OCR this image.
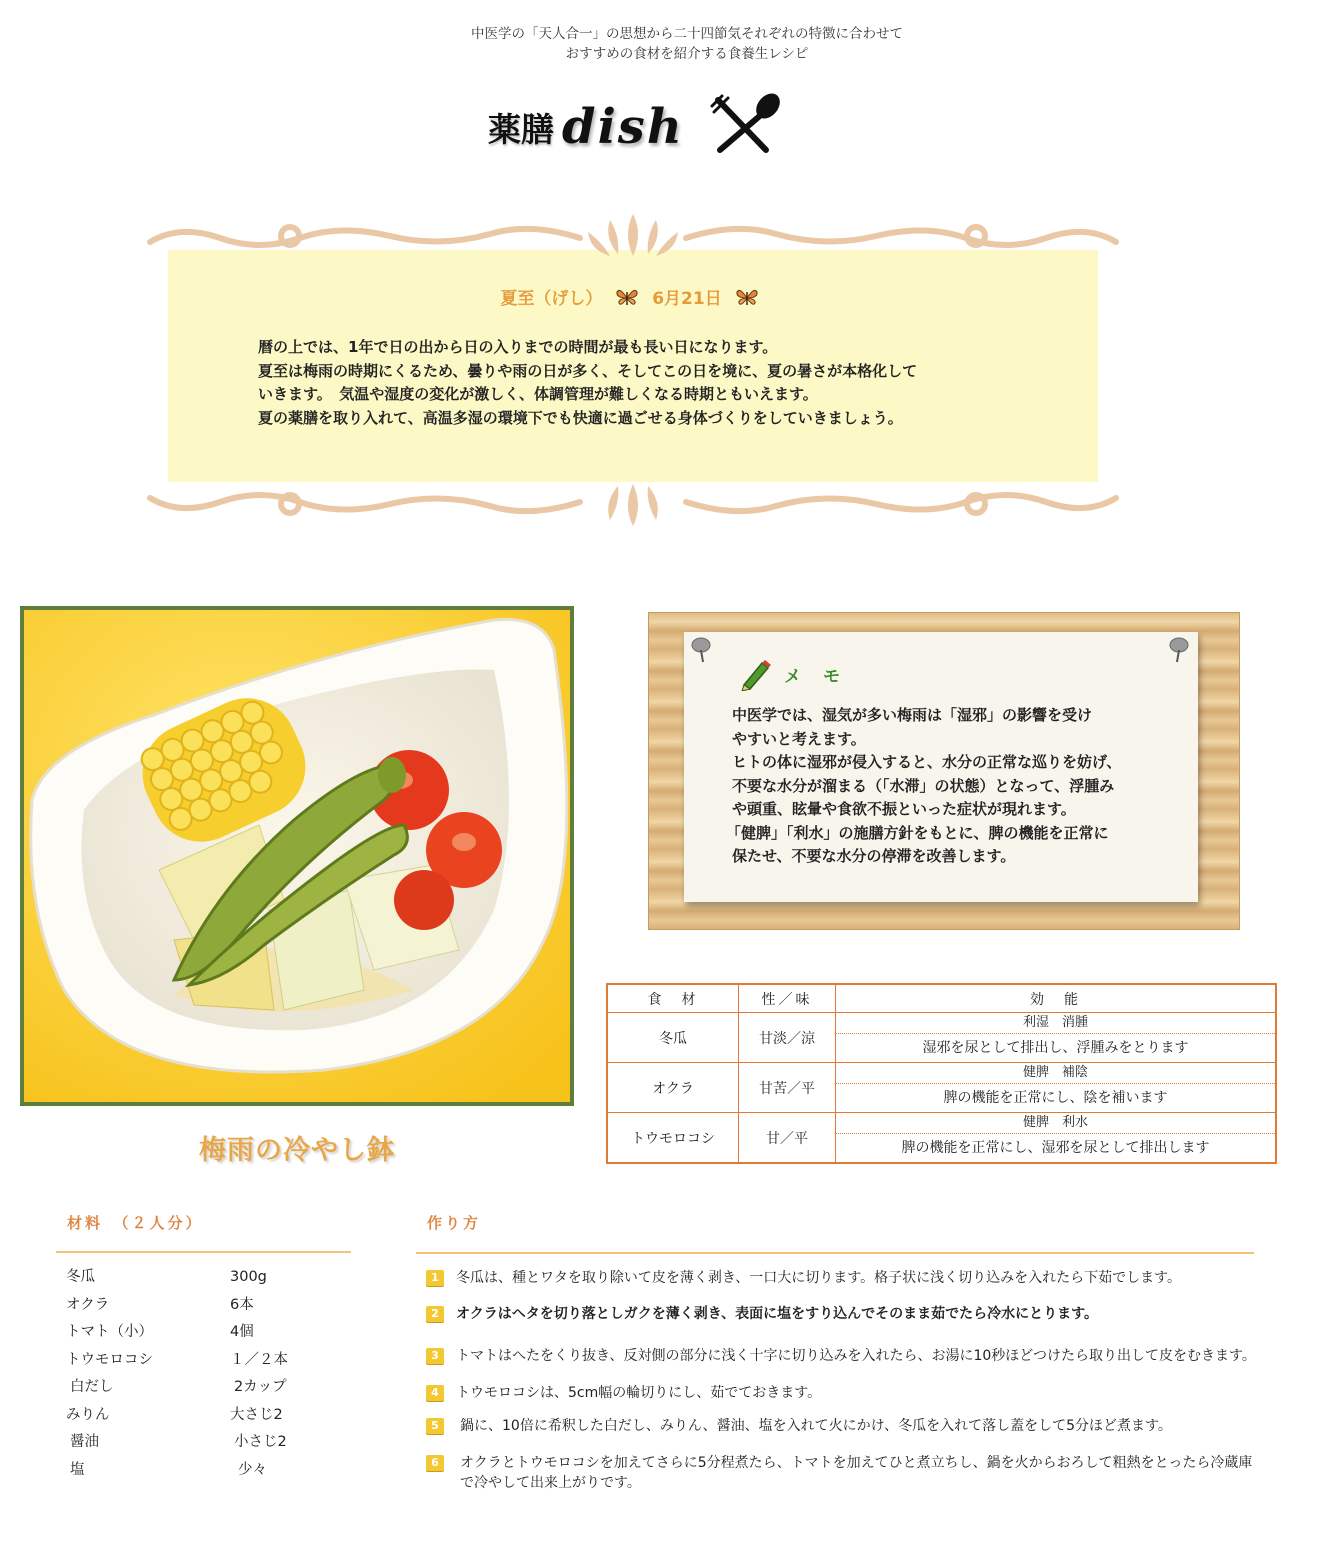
中医学の「天人合一」の思想から二十四節気それぞれの特徴に合わせて
おすすめの食材を紹介する食養生レシピ
薬膳 dish
夏至（げし）	6月21日
暦の上では、1年で日の出から日の入りまでの時間が最も長い日になります。
夏至は梅雨の時期にくるため、曇りや雨の日が多く、そしてこの日を境に、夏の暑さが本格化して
いきます。　気温や湿度の変化が激しく、体調管理が難しくなる時期ともいえます。
夏の薬膳を取り入れて、高温多湿の環境下でも快適に過ごせる身体づくりをしていきましょう。
梅雨の冷やし鉢
メモ
中医学では、湿気が多い梅雨は「湿邪」の影響を受け
やすいと考えます。
ヒトの体に湿邪が侵入すると、水分の正常な巡りを妨げ、
不要な水分が溜まる（「水滞」の状態）となって、浮腫み
や頭重、眩暈や食欲不振といった症状が現れます。
「健脾」「利水」の施膳方針をもとに、脾の機能を正常に
保たせ、不要な水分の停滞を改善します。
食　材	性／味	効　能
冬瓜	甘淡／涼	利湿　消腫
湿邪を尿として排出し、浮腫みをとります

オクラ	甘苦／平	健脾　補陰
脾の機能を正常にし、陰を補います

トウモロコシ	甘／平	健脾　利水
脾の機能を正常にし、湿邪を尿として排出します
材料　（２人分）
冬瓜	300g
オクラ	6本
トマト（小）	4個
トウモロコシ	１／２本
白だし	2カップ
みりん	大さじ2
醤油	小さじ2
塩	少々
作り方
1	冬瓜は、種とワタを取り除いて皮を薄く剥き、一口大に切ります。格子状に浅く切り込みを入れたら下茹でします。
2	オクラはヘタを切り落としガクを薄く剥き、表面に塩をすり込んでそのまま茹でたら冷水にとります。
3	トマトはへたをくり抜き、反対側の部分に浅く十字に切り込みを入れたら、お湯に10秒ほどつけたら取り出して皮をむきます。
4	トウモロコシは、5cm幅の輪切りにし、茹でておきます。
5	鍋に、10倍に希釈した白だし、みりん、醤油、塩を入れて火にかけ、冬瓜を入れて落し蓋をして5分ほど煮ます。
6	オクラとトウモロコシを加えてさらに5分程煮たら、トマトを加えてひと煮立ちし、鍋を火からおろして粗熱をとったら冷蔵庫で冷やして出来上がりです。
